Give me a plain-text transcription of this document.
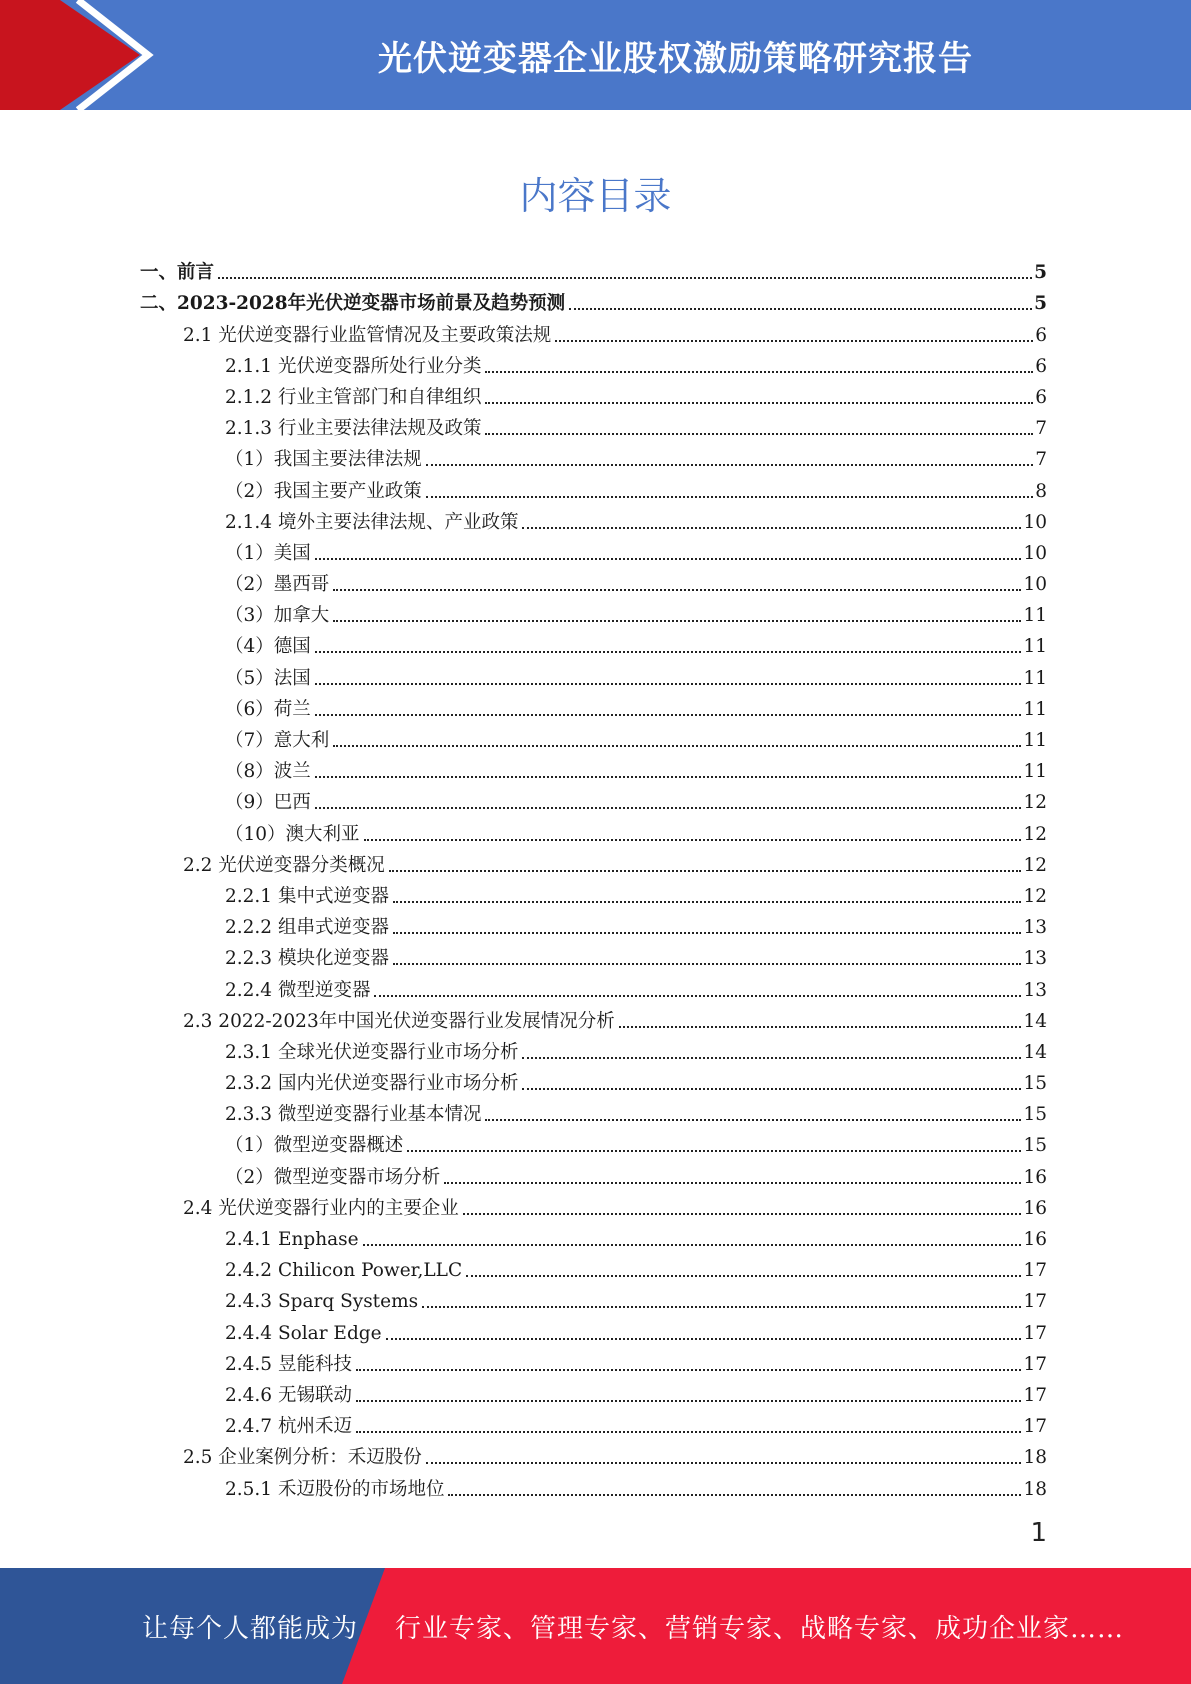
光伏逆变器企业股权激励策略研究报告
内容目录
一、前言	5
二、2023-2028年光伏逆变器市场前景及趋势预测	5
2.1 光伏逆变器行业监管情况及主要政策法规	6
2.1.1 光伏逆变器所处行业分类	6
2.1.2 行业主管部门和自律组织	6
2.1.3 行业主要法律法规及政策	7
（1）我国主要法律法规	7
（2）我国主要产业政策	8
2.1.4 境外主要法律法规、产业政策	10
（1）美国	10
（2）墨西哥	10
（3）加拿大	11
（4）德国	11
（5）法国	11
（6）荷兰	11
（7）意大利	11
（8）波兰	11
（9）巴西	12
（10）澳大利亚	12
2.2 光伏逆变器分类概况	12
2.2.1 集中式逆变器	12
2.2.2 组串式逆变器	13
2.2.3 模块化逆变器	13
2.2.4 微型逆变器	13
2.3 2022-2023年中国光伏逆变器行业发展情况分析	14
2.3.1 全球光伏逆变器行业市场分析	14
2.3.2 国内光伏逆变器行业市场分析	15
2.3.3 微型逆变器行业基本情况	15
（1）微型逆变器概述	15
（2）微型逆变器市场分析	16
2.4 光伏逆变器行业内的主要企业	16
2.4.1 Enphase	16
2.4.2 Chilicon Power,LLC	17
2.4.3 Sparq Systems	17
2.4.4 Solar Edge	17
2.4.5 昱能科技	17
2.4.6 无锡联动	17
2.4.7 杭州禾迈	17
2.5 企业案例分析：禾迈股份	18
2.5.1 禾迈股份的市场地位	18
1
让每个人都能成为 行业专家、管理专家、营销专家、战略专家、成功企业家……
